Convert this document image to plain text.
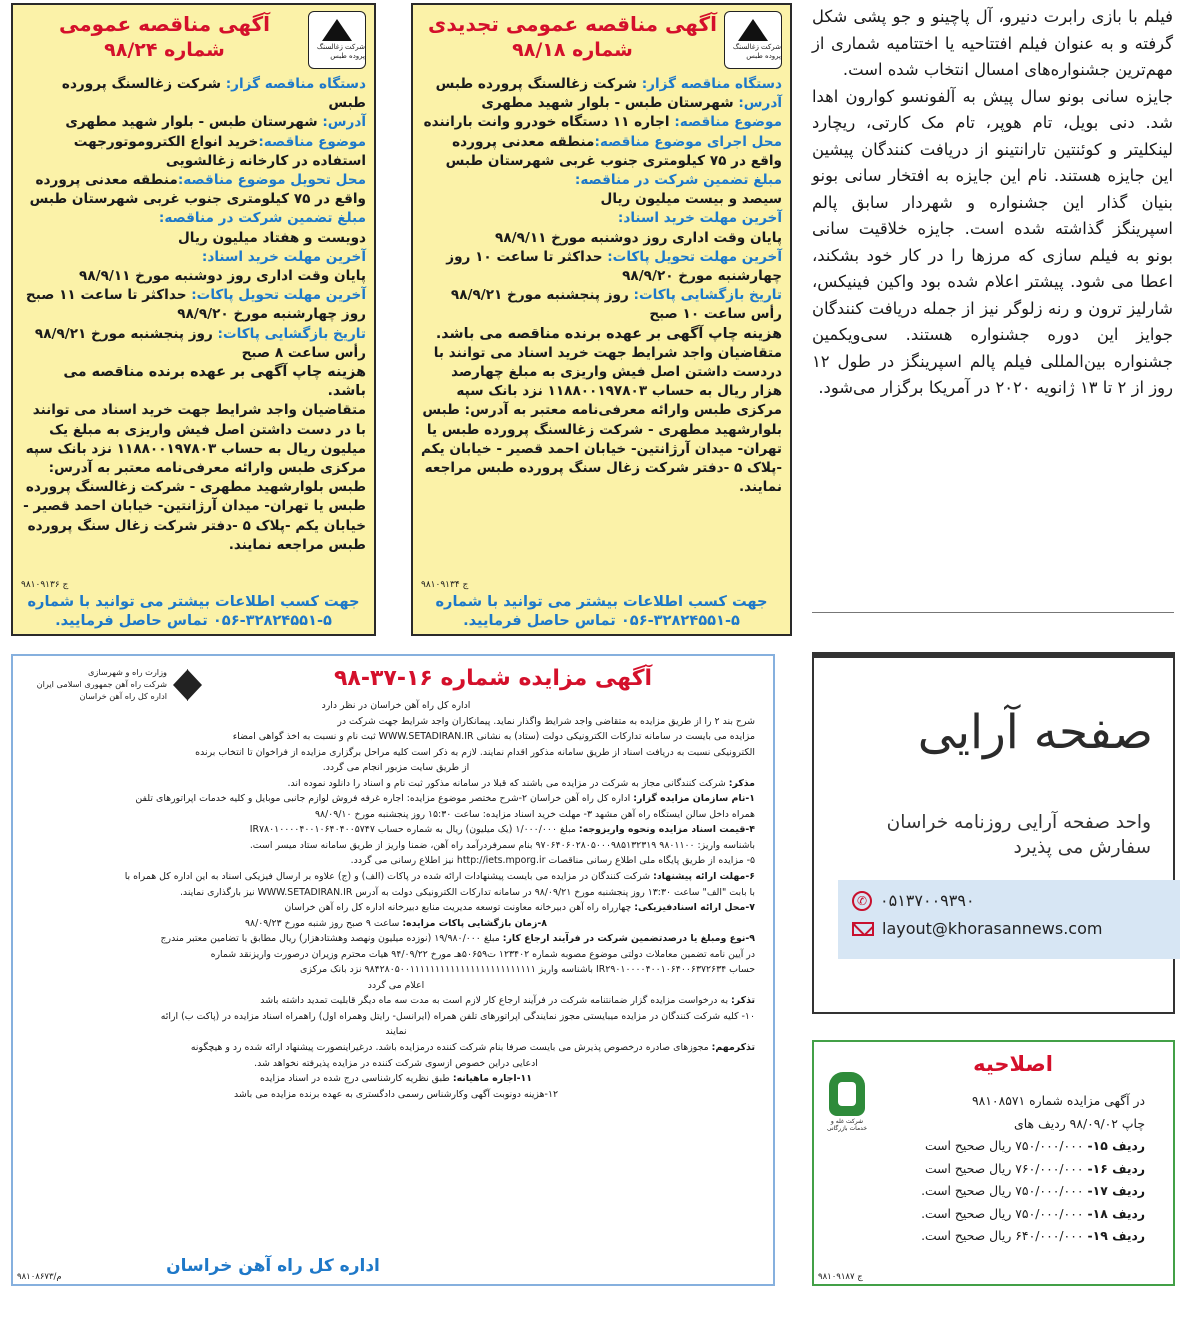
فیلم با بازی رابرت دنیرو، آل پاچینو و جو پشی شکل گرفته و به عنوان فیلم افتتاحیه یا اختتامیه شماری از مهم‌ترین جشنواره‌های امسال انتخاب شده است.

جایزه سانی بونو سال پیش به آلفونسو کوارون اهدا شد. دنی بویل، تام هوپر، تام مک کارتی، ریچارد لینکلیتر و کوئنتین تارانتینو از دریافت کنندگان پیشین این جایزه هستند. نام این جایزه به افتخار سانی بونو بنیان گذار این جشنواره و شهردار سابق پالم اسپرینگز گذاشته شده است. جایزه خلاقیت سانی بونو به فیلم سازی که مرزها را در کار خود بشکند، اعطا می شود. پیشتر اعلام شده بود واکین فینیکس، شارلیز ترون و رنه زلوگر نیز از جمله دریافت کنندگان جوایز این دوره جشنواره هستند. سی‌ویکمین جشنواره بین‌المللی فیلم پالم اسپرینگز در طول ۱۲ روز از ۲ تا ۱۳ ژانویه ۲۰۲۰ در آمریکا برگزار می‌شود.

شرکت زغالسنگ پروده طبس
آگهی مناقصه عمومی تجدیدی
شماره ۹۸/۱۸
دستگاه مناقصه گزار: شرکت زغالسنگ پرورده طبس
آدرس: شهرستان طبس - بلوار شهید مطهری
موضوع مناقصه: اجاره ۱۱ دستگاه خودرو وانت باراننده
محل اجرای موضوع مناقصه:منطقه معدنی پرورده واقع در ۷۵ کیلومتری جنوب غربی شهرستان طبس
مبلغ تضمین شرکت در مناقصه:
سیصد و بیست میلیون ریال
آخرین مهلت خرید اسناد:
پایان وقت اداری روز دوشنبه مورخ ۹۸/۹/۱۱
آخرین مهلت تحویل پاکات: حداکثر تا ساعت ۱۰ روز چهارشنبه مورخ ۹۸/۹/۲۰
تاریخ بازگشایی پاکات: روز پنجشنبه مورخ ۹۸/۹/۲۱ رأس ساعت ۱۰ صبح
هزینه چاپ آگهی بر عهده برنده مناقصه می باشد.
متقاضیان واجد شرایط جهت خرید اسناد می توانند با دردست داشتن اصل فیش واریزی به مبلغ چهارصد هزار ریال به حساب ۱۱۸۸۰۰۱۹۷۸۰۳ نزد بانک سپه مرکزی طبس وارائه معرفی‌نامه معتبر به آدرس: طبس بلوارشهید مطهری - شرکت زغالسنگ پرورده طبس یا تهران- میدان آرژانتین- خیابان احمد قصیر - خیابان یکم -پلاک ۵ -دفتر شرکت زغال سنگ پرورده طبس مراجعه نمایند.
۹۸۱۰۹۱۳۴ ج
جهت کسب اطلاعات بیشتر می توانید با شماره ۵-۳۲۸۲۴۵۵۱-۰۵۶ تماس حاصل فرمایید.
شرکت زغالسنگ پروده طبس
آگهی مناقصه عمومی
شماره ۹۸/۲۴
دستگاه مناقصه گزار: شرکت زغالسنگ پرورده طبس
آدرس: شهرستان طبس - بلوار شهید مطهری
موضوع مناقصه:خرید انواع الکتروموتورجهت استفاده در کارخانه زغالشویی
محل تحویل موضوع مناقصه:منطقه معدنی پرورده واقع در ۷۵ کیلومتری جنوب غربی شهرستان طبس
مبلغ تضمین شرکت در مناقصه:
دویست و هفتاد میلیون ریال
آخرین مهلت خرید اسناد:
پایان وقت اداری روز دوشنبه مورخ ۹۸/۹/۱۱
آخرین مهلت تحویل پاکات: حداکثر تا ساعت ۱۱ صبح روز چهارشنبه مورخ ۹۸/۹/۲۰
تاریخ بازگشایی پاکات: روز پنجشنبه مورخ ۹۸/۹/۲۱ رأس ساعت ۸ صبح
هزینه چاپ آگهی بر عهده برنده مناقصه می باشد.
متقاضیان واجد شرایط جهت خرید اسناد می توانند با در دست داشتن اصل فیش واریزی به مبلغ یک میلیون ریال به حساب ۱۱۸۸۰۰۱۹۷۸۰۳ نزد بانک سپه مرکزی طبس وارائه معرفی‌نامه معتبر به آدرس: طبس بلوارشهید مطهری - شرکت زغالسنگ پرورده طبس یا تهران- میدان آرژانتین- خیابان احمد قصیر - خیابان یکم -پلاک ۵ -دفتر شرکت زغال سنگ پرورده طبس مراجعه نمایند.
۹۸۱۰۹۱۳۶ ج
جهت کسب اطلاعات بیشتر می توانید با شماره ۵-۳۲۸۲۴۵۵۱-۰۵۶ تماس حاصل فرمایید.
آگهی مزایده شماره ۱۶-۳۷-۹۸
وزارت راه و شهرسازی
شرکت راه آهن جمهوری اسلامی ایران
اداره کل راه آهن خراسان
اداره کل راه آهن خراسان در نظر دارد
شرح بند ۲ را از طریق مزایده به متقاضی واجد شرایط واگذار نماید. پیمانکاران واجد شرایط جهت شرکت در
مزایده می بایست در سامانه تدارکات الکترونیکی دولت (ستاد) به نشانی WWW.SETADIRAN.IR ثبت نام و نسبت به اخذ گواهی امضاء
الکترونیکی نسبت به دریافت اسناد از طریق سامانه مذکور اقدام نمایند. لازم به ذکر است کلیه مراحل برگزاری مزایده از فراخوان تا انتخاب برنده
از طریق سایت مزبور انجام می گردد.
مذکر: شرکت کنندگانی مجاز به شرکت در مزایده می باشند که قبلا در سامانه مذکور ثبت نام و اسناد را دانلود نموده اند.
۱-نام سازمان مزایده گزار: اداره کل راه آهن خراسان ۲-شرح مختصر موضوع مزایده: اجاره غرفه فروش لوازم جانبی موبایل و کلیه خدمات اپراتورهای تلفن
همراه داخل سالن ایستگاه راه آهن مشهد ۳- مهلت خرید اسناد مزایده: ساعت ۱۵:۳۰ روز پنجشنبه مورخ ۹۸/۰۹/۱۰
۴-قیمت اسناد مزایده ونحوه واریزوجه: مبلغ ۱/۰۰۰/۰۰۰ (یک میلیون) ریال به شماره حساب IR۷۸۰۱۰۰۰۰۴۰۰۱۰۶۴۰۴۰۰۵۷۴۷
باشناسه واریز: ۹۸۰۱۱۰۰ ۹۷۰۶۴۰۶۰۲۸۰۵۰۰۰۹۸۵۱۳۲۳۱۹ بنام سمرفردرآمد راه آهن، ضمنا واریز از طریق سامانه ستاد میسر است.
۵- مزایده از طریق پایگاه ملی اطلاع رسانی مناقصات http://iets.mporg.ir نیز اطلاع رسانی می گردد.
۶-مهلت ارائه پیشنهاد: شرکت کنندگان در مزایده می بایست پیشنهادات ارائه شده در پاکات (الف) و (ج) علاوه بر ارسال فیزیکی اسناد به این اداره کل همراه با
با بابت "الف" ساعت ۱۳:۳۰ روز پنجشنبه مورخ ۹۸/۰۹/۲۱ در سامانه تدارکات الکترونیکی دولت به آدرس WWW.SETADIRAN.IR نیز بارگذاری نمایند.
۷-محل ارائه اسنادفیزیکی: چهارراه راه آهن دبیرخانه معاونت توسعه مدیریت منابع دبیرخانه اداره کل راه آهن خراسان
۸-زمان بازگشایی پاکات مزایده: ساعت ۹ صبح روز شنبه مورخ ۹۸/۰۹/۲۳
۹-نوع ومبلغ یا درصدتضمین شرکت در فرآیند ارجاع کار: مبلغ ۱۹/۹۸۰/۰۰۰ (نوزده میلیون ونهصد وهشتادهزار) ریال مطابق با تضامین معتبر مندرج
در آیین نامه تضمین معاملات دولتی موضوع مصوبه شماره ۱۲۳۴۰۲ ت۵۰۶۵۹هـ مورخ ۹۴/۰۹/۲۲ هیات محترم وزیران درصورت واریزنقد شماره
حساب IR۲۹۰۱۰۰۰۰۴۰۰۱۰۶۴۰۰۶۳۷۲۶۳۴ باشناسه واریز ۹۸۴۲۸۰۵۰۰۱۱۱۱۱۱۱۱۱۱۱۱۱۱۱۱۱۱۱۱۱۱۱۱۱ نزد بانک مرکزی
اعلام می گردد
تذکر: به درخواست مزایده گزار ضمانتنامه شرکت در فرآیند ارجاع کار لازم است به مدت سه ماه دیگر قابلیت تمدید داشته باشد
۱۰- کلیه شرکت کنندگان در مزایده میبایستی مجوز نمایندگی اپراتورهای تلفن همراه (ایرانسل- رایتل وهمراه اول) راهمراه اسناد مزایده در (پاکت ب) ارائه
نمایند
تذکرمهم: مجوزهای صادره درخصوص پذیرش می بایست صرفا بنام شرکت کننده درمزایده باشد. درغیراینصورت پیشنهاد ارائه شده رد و هیچگونه
ادعایی دراین خصوص ازسوی شرکت کننده در مزایده پذیرفته نخواهد شد.
۱۱-اجاره ماهیانه: طبق نظریه کارشناسی درج شده در اسناد مزایده
۱۲-هزینه دونوبت آگهی وکارشناس رسمی دادگستری به عهده برنده مزایده می باشد
اداره کل راه آهن خراسان
۹۸۱۰۸۶۷۳/م
صفحه آرایی
واحد صفحه آرایی روزنامه خراسان سفارش می پذیرد
✆ ۰۵۱۳۷۰۰۹۳۹۰
layout@khorasannews.com
شرکت غله و خدمات بازرگانی
اصلاحیه
در آگهی مزایده شماره ۹۸۱۰۸۵۷۱
چاپ ۹۸/۰۹/۰۲ ردیف های
ردیف ۱۵- ۷۵۰/۰۰۰/۰۰۰ ریال صحیح است
ردیف ۱۶- ۷۶۰/۰۰۰/۰۰۰ ریال صحیح است
ردیف ۱۷- ۷۵۰/۰۰۰/۰۰۰ ریال صحیح است.
ردیف ۱۸- ۷۵۰/۰۰۰/۰۰۰ ریال صحیح است.
ردیف ۱۹- ۶۴۰/۰۰۰/۰۰۰ ریال صحیح است.
۹۸۱۰۹۱۸۷ ج
